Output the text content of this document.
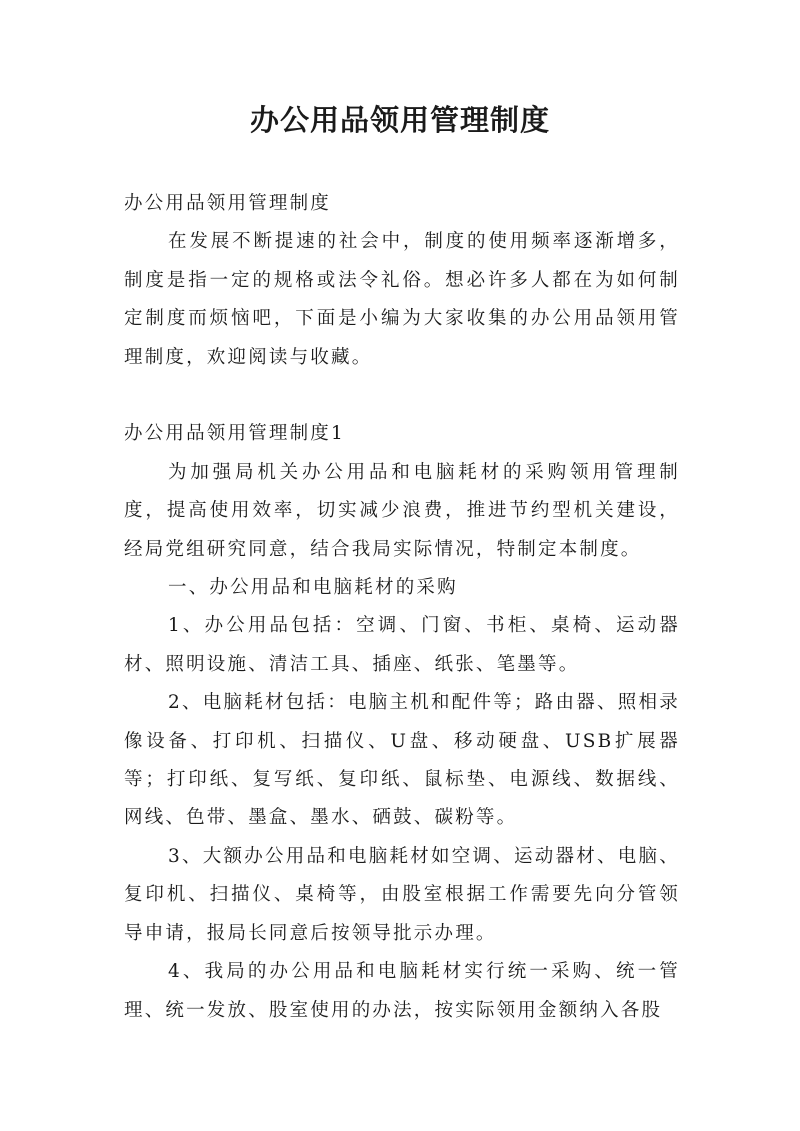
办公用品领用管理制度

办公用品领用管理制度

在发展不断提速的社会中，制度的使用频率逐渐增多，制度是指一定的规格或法令礼俗。想必许多人都在为如何制定制度而烦恼吧，下面是小编为大家收集的办公用品领用管理制度，欢迎阅读与收藏。

办公用品领用管理制度1

为加强局机关办公用品和电脑耗材的采购领用管理制度，提高使用效率，切实减少浪费，推进节约型机关建设，经局党组研究同意，结合我局实际情况，特制定本制度。

一、办公用品和电脑耗材的采购

1、办公用品包括：空调、门窗、书柜、桌椅、运动器材、照明设施、清洁工具、插座、纸张、笔墨等。

2、电脑耗材包括：电脑主机和配件等；路由器、照相录像设备、打印机、扫描仪、U盘、移动硬盘、USB扩展器等；打印纸、复写纸、复印纸、鼠标垫、电源线、数据线、网线、色带、墨盒、墨水、硒鼓、碳粉等。

3、大额办公用品和电脑耗材如空调、运动器材、电脑、复印机、扫描仪、桌椅等，由股室根据工作需要先向分管领导申请，报局长同意后按领导批示办理。

4、我局的办公用品和电脑耗材实行统一采购、统一管理、统一发放、股室使用的办法，按实际领用金额纳入各股
